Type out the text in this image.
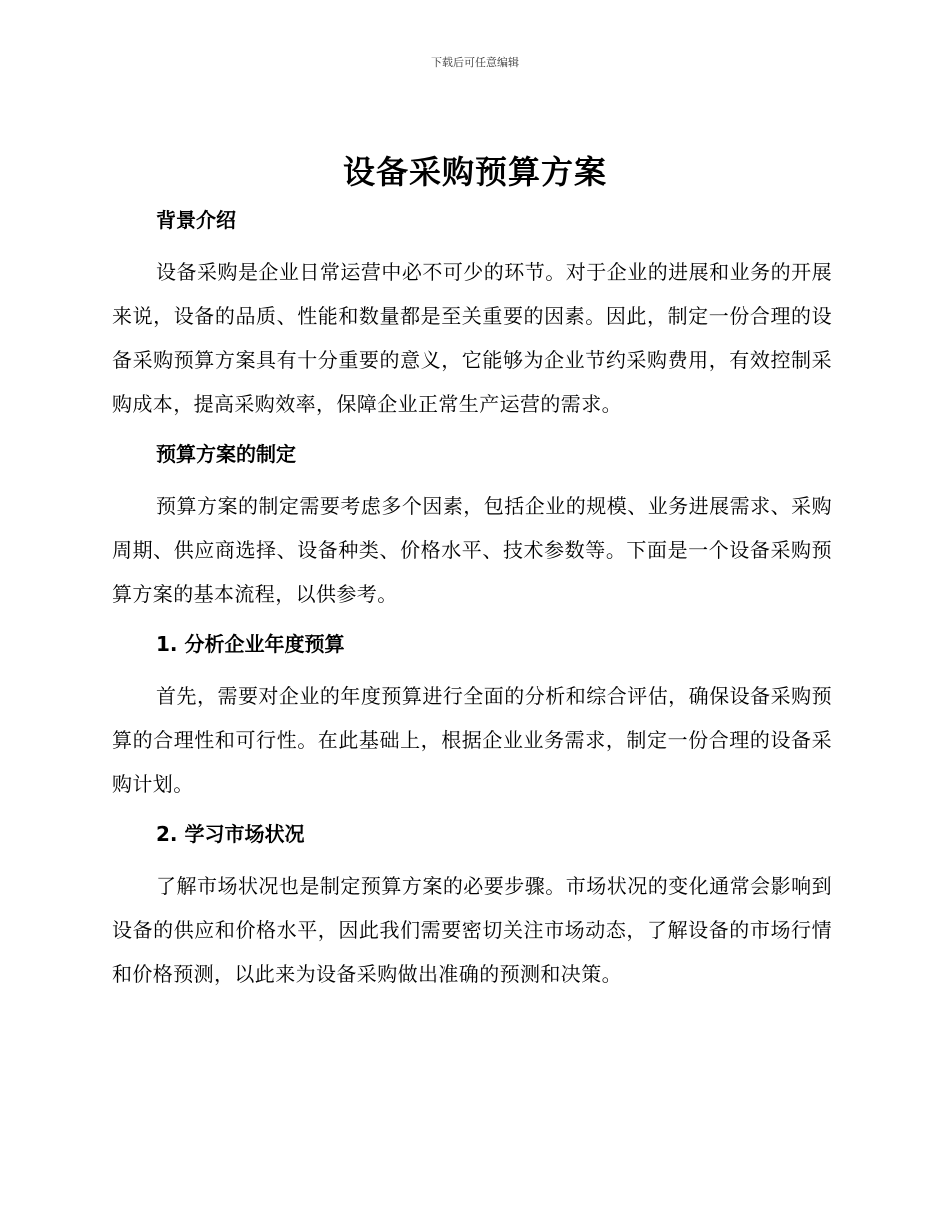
下载后可任意编辑
设备采购预算方案
背景介绍

设备采购是企业日常运营中必不可少的环节。对于企业的进展和业务的开展来说，设备的品质、性能和数量都是至关重要的因素。因此，制定一份合理的设备采购预算方案具有十分重要的意义，它能够为企业节约采购费用，有效控制采购成本，提高采购效率，保障企业正常生产运营的需求。

预算方案的制定

预算方案的制定需要考虑多个因素，包括企业的规模、业务进展需求、采购周期、供应商选择、设备种类、价格水平、技术参数等。下面是一个设备采购预算方案的基本流程，以供参考。

1. 分析企业年度预算

首先，需要对企业的年度预算进行全面的分析和综合评估，确保设备采购预算的合理性和可行性。在此基础上，根据企业业务需求，制定一份合理的设备采购计划。

2. 学习市场状况

了解市场状况也是制定预算方案的必要步骤。市场状况的变化通常会影响到设备的供应和价格水平，因此我们需要密切关注市场动态，了解设备的市场行情和价格预测，以此来为设备采购做出准确的预测和决策。
